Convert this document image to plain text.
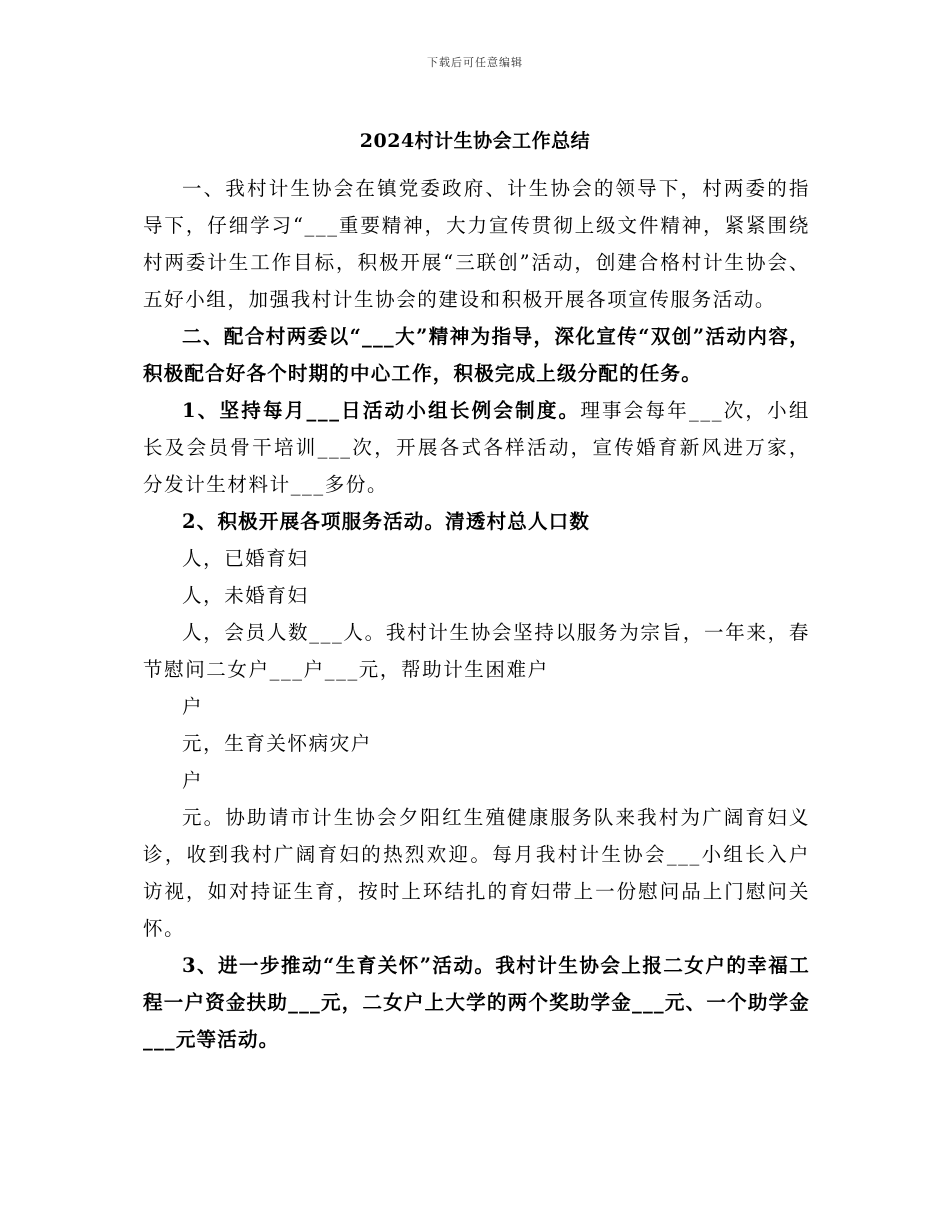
下载后可任意编辑
2024村计生协会工作总结

一、我村计生协会在镇党委政府、计生协会的领导下，村两委的指导下，仔细学习“___重要精神，大力宣传贯彻上级文件精神，紧紧围绕村两委计生工作目标，积极开展“三联创”活动，创建合格村计生协会、五好小组，加强我村计生协会的建设和积极开展各项宣传服务活动。

二、配合村两委以“___大”精神为指导，深化宣传“双创”活动内容，积极配合好各个时期的中心工作，积极完成上级分配的任务。

1、坚持每月___日活动小组长例会制度。理事会每年___次，小组长及会员骨干培训___次，开展各式各样活动，宣传婚育新风进万家，分发计生材料计___多份。

2、积极开展各项服务活动。清透村总人口数

人，已婚育妇

人，未婚育妇

人，会员人数___人。我村计生协会坚持以服务为宗旨，一年来，春节慰问二女户___户___元，帮助计生困难户

户

元，生育关怀病灾户

户

元。协助请市计生协会夕阳红生殖健康服务队来我村为广阔育妇义诊，收到我村广阔育妇的热烈欢迎。每月我村计生协会___小组长入户访视，如对持证生育，按时上环结扎的育妇带上一份慰问品上门慰问关怀。

3、进一步推动“生育关怀”活动。我村计生协会上报二女户的幸福工程一户资金扶助___元，二女户上大学的两个奖助学金___元、一个助学金___元等活动。
